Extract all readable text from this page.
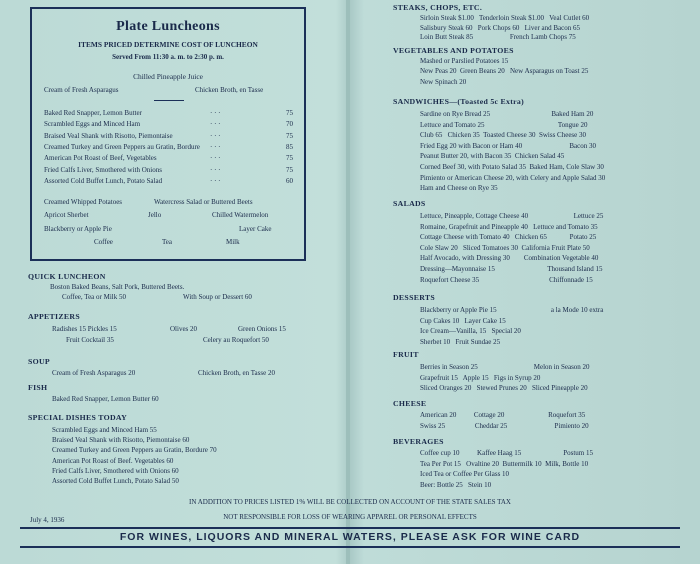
Plate Luncheons
ITEMS PRICED DETERMINE COST OF LUNCHEON
Served From 11:30 a. m. to 2:30 p. m.
Chilled Pineapple Juice
Cream of Fresh Asparagus	Chicken Broth, en Tasse
Baked Red Snapper, Lemon Butter	· · ·	75
Scrambled Eggs and Minced Ham	· · ·	70
Braised Veal Shank with Risotto, Piemontaise	· · ·	75
Creamed Turkey and Green Peppers au Gratin, Bordure · · ·	85
American Pot Roast of Beef, Vegetables	· · ·	75
Fried Calfs Liver, Smothered with Onions	· · ·	75
Assorted Cold Buffet Lunch, Potato Salad	· · ·	60
Creamed Whipped Potatoes	Watercress Salad or Buttered Beets
Apricot Sherbet	Jello	Chilled Watermelon
Blackberry or Apple Pie	Layer Cake
Coffee	Tea	Milk
QUICK LUNCHEON
Boston Baked Beans, Salt Pork, Buttered Beets.
Coffee, Tea or Milk 50	With Soup or Dessert 60
APPETIZERS
Radishes 15 Pickles 15	Olives 20	Green Onions 15
Fruit Cocktail 35	Celery au Roquefort 50
SOUP
Cream of Fresh Asparagus 20	Chicken Broth, en Tasse 20
FISH
Baked Red Snapper, Lemon Butter 60
SPECIAL DISHES TODAY
Scrambled Eggs and Minced Ham 55
Braised Veal Shank with Risotto, Piemontaise 60
Creamed Turkey and Green Peppers au Gratin, Bordure 70
American Pot Roast of Beef. Vegetables 60
Fried Calfs Liver, Smothered with Onions 60
Assorted Cold Buffet Lunch, Potato Salad 50
July 4, 1936
STEAKS, CHOPS, ETC.
Sirloin Steak $1.00   Tenderloin Steak $1.00   Veal Cutlet 60
Salisbury Steak 60   Pork Chops 60   Liver and Bacon 65
Loin Butt Steak 85                     French Lamb Chops 75
VEGETABLES AND POTATOES
Mashed or Parslied Potatoes 15
New Peas 20  Green Beans 20   New Asparagus on Toast 25
New Spinach 20
SANDWICHES—(Toasted 5c Extra)
Sardine on Rye Bread 25                                   Baked Ham 20
Lettuce and Tomato 25                                          Tongue 20
Club 65   Chicken 35  Toasted Cheese 30  Swiss Cheese 30
Fried Egg 20 with Bacon or Ham 40                           Bacon 30
Peanut Butter 20, with Bacon 35  Chicken Salad 45
Corned Beef 30, with Potato Salad 35  Baked Ham, Cole Slaw 30
Pimiento or American Cheese 20, with Celery and Apple Salad 30
Ham and Cheese on Rye 35
SALADS
Lettuce, Pineapple, Cottage Cheese 40                          Lettuce 25
Romaine, Grapefruit and Pineapple 40   Lettuce and Tomato 35
Cottage Cheese with Tomato 40   Chicken 65             Potato 25
Cole Slaw 20   Sliced Tomatoes 30  California Fruit Plate 50
Half Avocado, with Dressing 30        Combination Vegetable 40
Dressing—Mayonnaise 15                              Thousand Island 15
Roquefort Cheese 35                                        Chiffonnade 15
DESSERTS
Blackberry or Apple Pie 15                               a la Mode 10 extra
Cup Cakes 10   Layer Cake 15
Ice Cream—Vanilla, 15   Special 20
Sherbet 10   Fruit Sundae 25
FRUIT
Berries in Season 25                                Melon in Season 20
Grapefruit 15   Apple 15   Figs in Syrup 20
Sliced Oranges 20   Stewed Prunes 20   Sliced Pineapple 20
CHEESE
American 20          Cottage 20                         Roquefort 35
Swiss 25                 Cheddar 25                           Pimiento 20
BEVERAGES
Coffee cup 10          Kaffee Haag 15                        Postum 15
Tea Per Pot 15   Ovaltine 20  Buttermilk 10  Milk, Bottle 10
Iced Tea or Coffee Per Glass 10
Beer: Bottle 25   Stein 10
IN ADDITION TO PRICES LISTED 1% WILL BE COLLECTED ON ACCOUNT OF THE STATE SALES TAX
NOT RESPONSIBLE FOR LOSS OF WEARING APPAREL OR PERSONAL EFFECTS
FOR WINES, LIQUORS AND MINERAL WATERS, PLEASE ASK FOR WINE CARD
